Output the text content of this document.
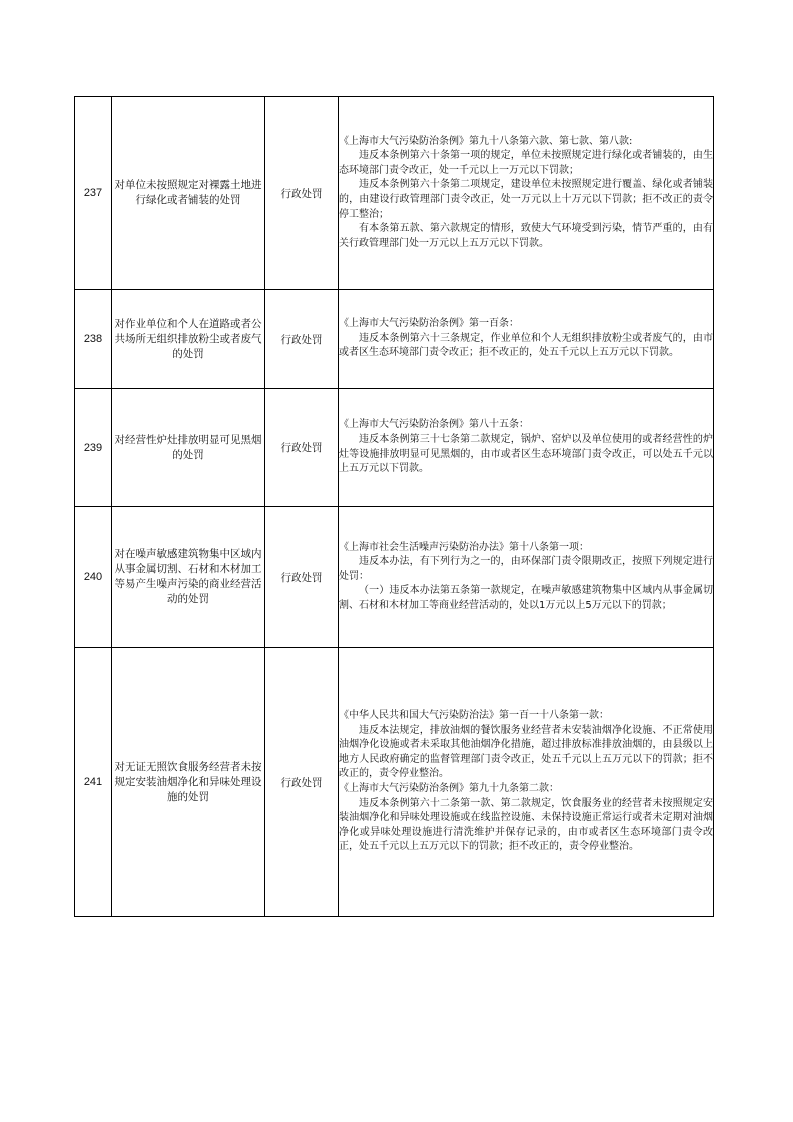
237	对单位未按照规定对裸露土地进行绿化或者铺装的处罚	行政处罚	《上海市大气污染防治条例》第九十八条第六款、第七款、第八款:

违反本条例第六十条第一项的规定，单位未按照规定进行绿化或者铺装的，由生态环境部门责令改正，处一千元以上一万元以下罚款；

违反本条例第六十条第二项规定，建设单位未按照规定进行覆盖、绿化或者铺装的，由建设行政管理部门责令改正，处一万元以上十万元以下罚款；拒不改正的责令停工整治；

有本条第五款、第六款规定的情形，致使大气环境受到污染，情节严重的，由有关行政管理部门处一万元以上五万元以下罚款。

238	对作业单位和个人在道路或者公共场所无组织排放粉尘或者废气的处罚	行政处罚	《上海市大气污染防治条例》第一百条：

违反本条例第六十三条规定，作业单位和个人无组织排放粉尘或者废气的，由市或者区生态环境部门责令改正；拒不改正的，处五千元以上五万元以下罚款。

239	对经营性炉灶排放明显可见黑烟的处罚	行政处罚	《上海市大气污染防治条例》第八十五条：

违反本条例第三十七条第二款规定，锅炉、窑炉以及单位使用的或者经营性的炉灶等设施排放明显可见黑烟的，由市或者区生态环境部门责令改正，可以处五千元以上五万元以下罚款。

240	对在噪声敏感建筑物集中区域内从事金属切割、石材和木材加工等易产生噪声污染的商业经营活动的处罚	行政处罚	《上海市社会生活噪声污染防治办法》第十八条第一项：

违反本办法，有下列行为之一的，由环保部门责令限期改正，按照下列规定进行处罚：

（一）违反本办法第五条第一款规定，在噪声敏感建筑物集中区域内从事金属切割、石材和木材加工等商业经营活动的，处以1万元以上5万元以下的罚款；

241	对无证无照饮食服务经营者未按规定安装油烟净化和异味处理设施的处罚	行政处罚	《中华人民共和国大气污染防治法》第一百一十八条第一款：

违反本法规定，排放油烟的餐饮服务业经营者未安装油烟净化设施、不正常使用油烟净化设施或者未采取其他油烟净化措施，超过排放标准排放油烟的，由县级以上地方人民政府确定的监督管理部门责令改正，处五千元以上五万元以下的罚款；拒不改正的，责令停业整治。

《上海市大气污染防治条例》第九十九条第二款：

违反本条例第六十二条第一款、第二款规定，饮食服务业的经营者未按照规定安装油烟净化和异味处理设施或在线监控设施、未保持设施正常运行或者未定期对油烟净化或异味处理设施进行清洗维护并保存记录的，由市或者区生态环境部门责令改正，处五千元以上五万元以下的罚款；拒不改正的，责令停业整治。
